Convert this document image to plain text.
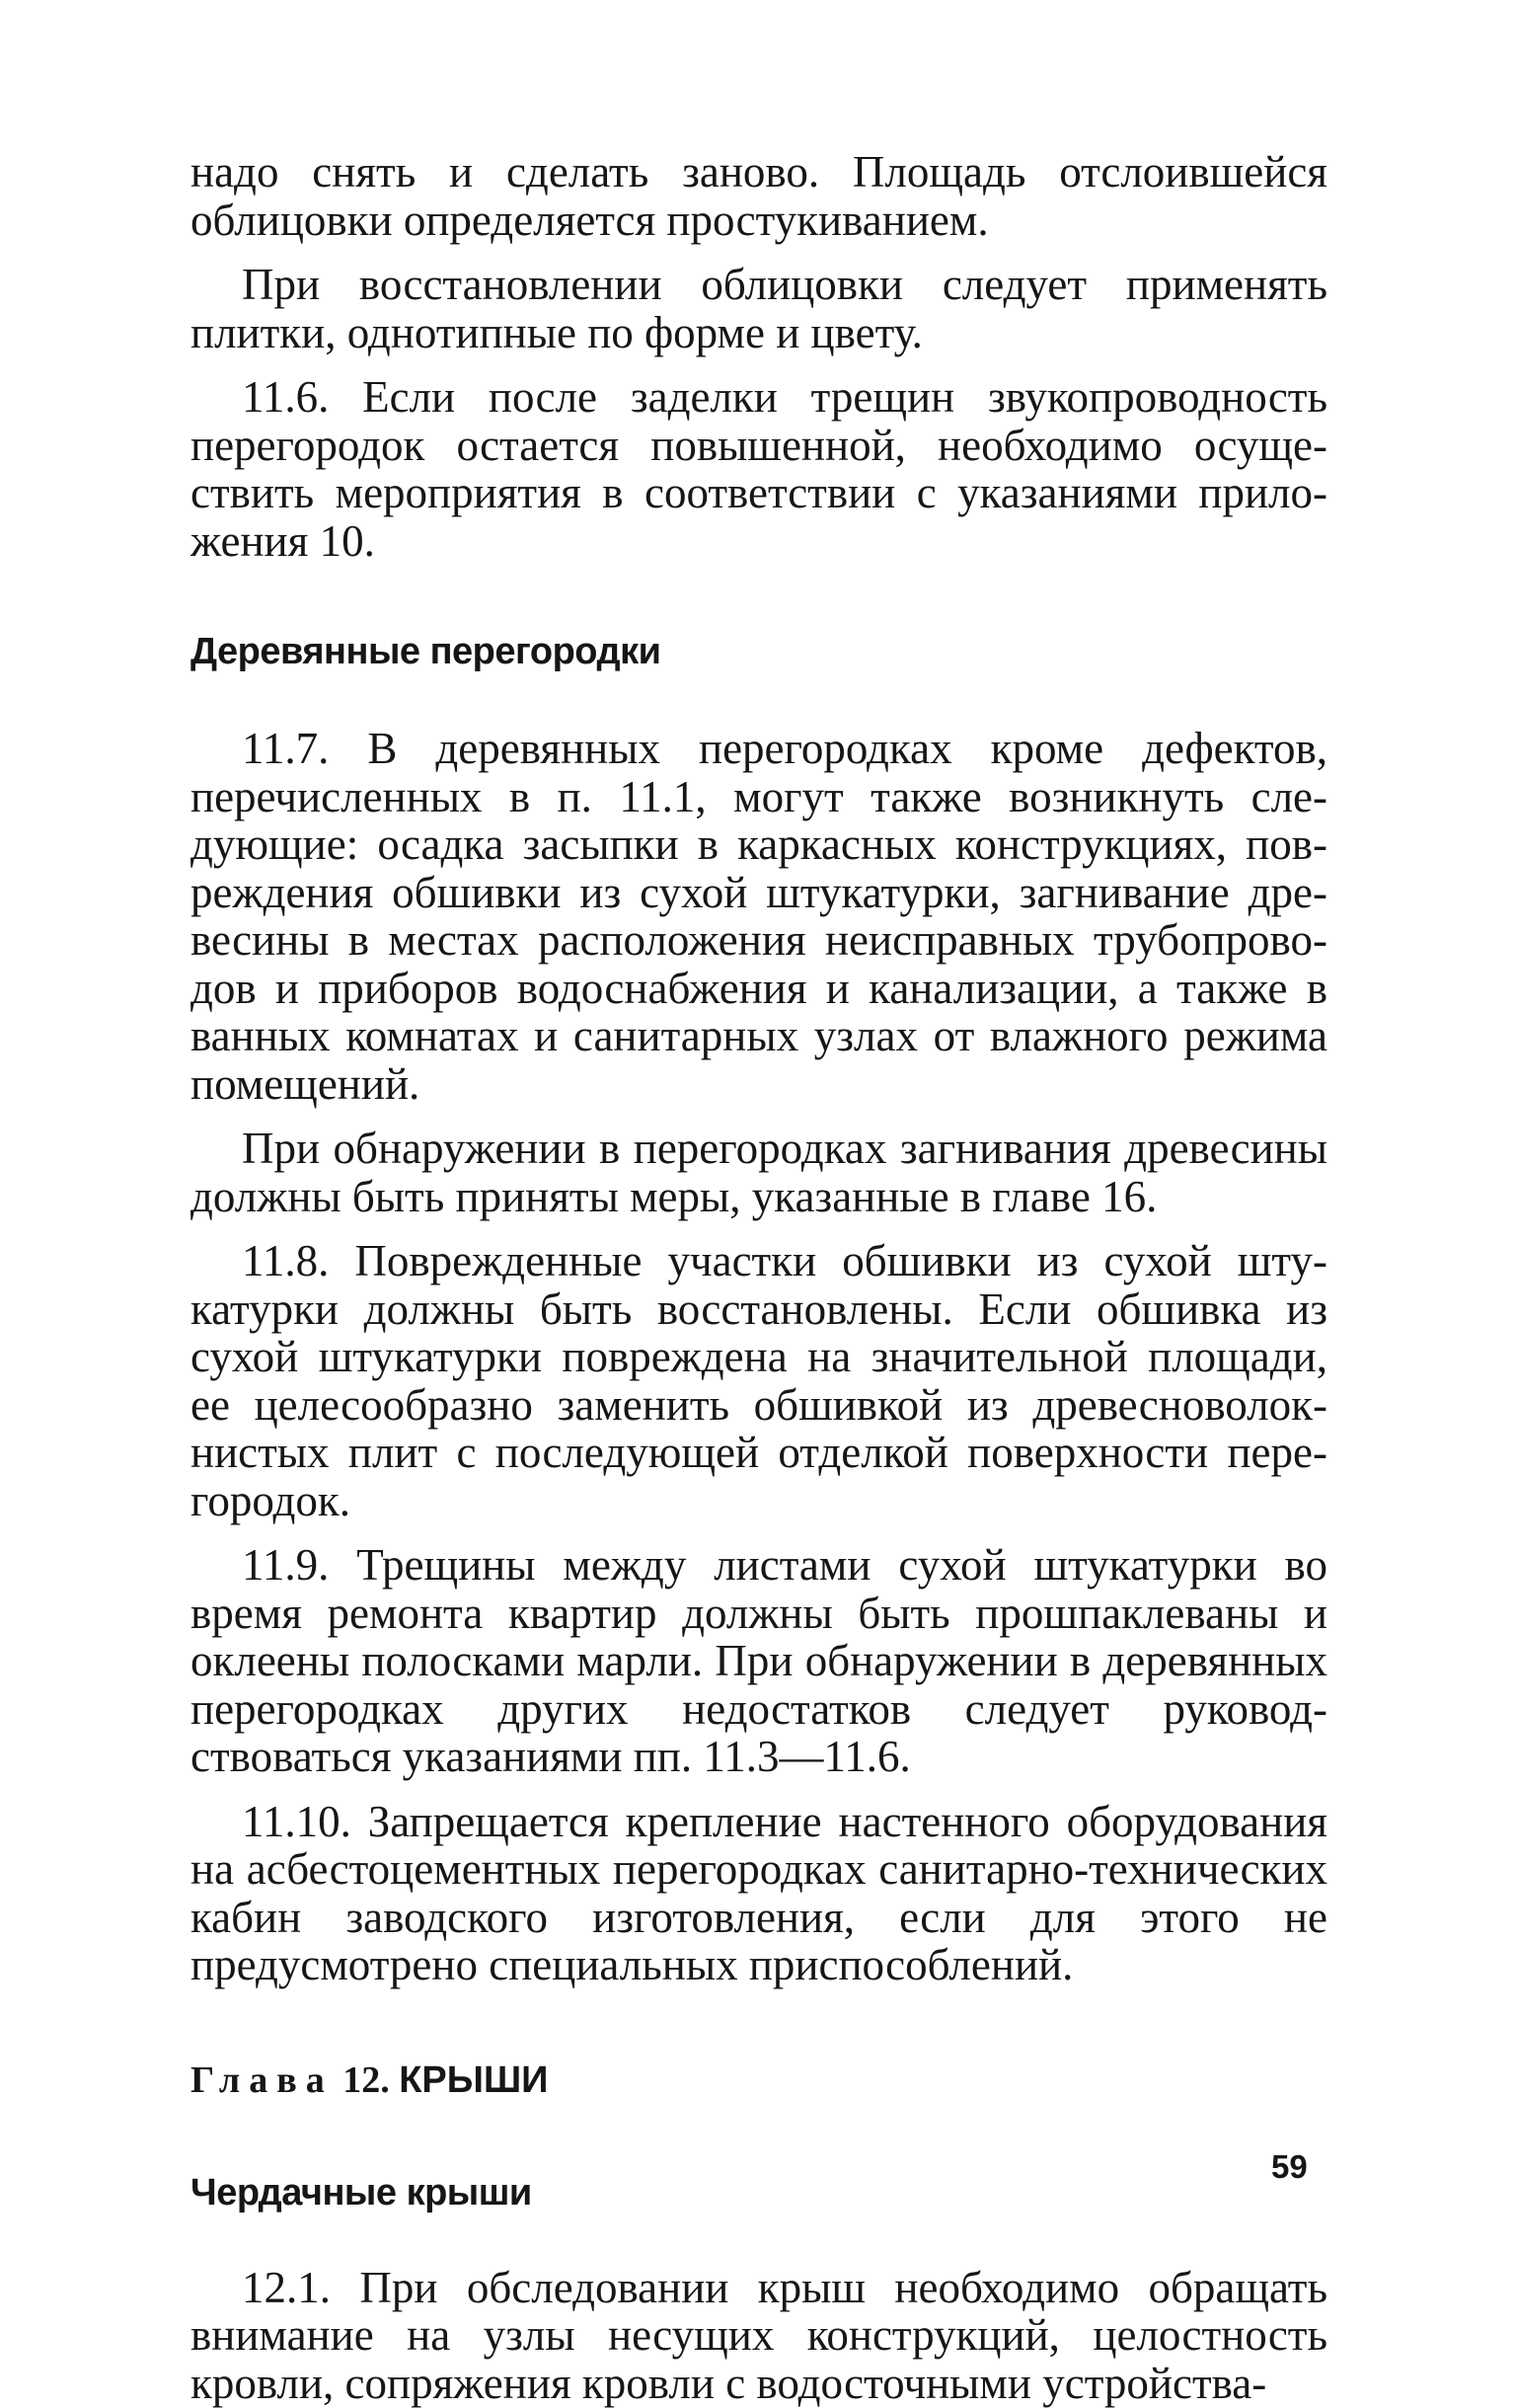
надо снять и сделать заново. Площадь отслоившейся облицовки определяется простукиванием.

При восстановлении облицовки следует применять плитки, однотипные по форме и цвету.

11.6. Если после заделки трещин звукопроводность перегородок остается повышенной, необходимо осуществить мероприятия в соответствии с указаниями приложения 10.

Деревянные перегородки

11.7. В деревянных перегородках кроме дефектов, перечисленных в п. 11.1, могут также возникнуть следующие: осадка засыпки в каркасных конструкциях, повреждения обшивки из сухой штукатурки, загнивание древесины в местах расположения неисправных трубопроводов и приборов водоснабжения и канализации, а также в ванных комнатах и санитарных узлах от влажного режима помещений.

При обнаружении в перегородках загнивания древесины должны быть приняты меры, указанные в главе 16.

11.8. Поврежденные участки обшивки из сухой штукатурки должны быть восстановлены. Если обшивка из сухой штукатурки повреждена на значительной площади, ее целесообразно заменить обшивкой из древесноволокнистых плит с последующей отделкой поверхности перегородок.

11.9. Трещины между листами сухой штукатурки во время ремонта квартир должны быть прошпаклеваны и оклеены полосками марли. При обнаружении в деревянных перегородках других недостатков следует руководствоваться указаниями пп. 11.3—11.6.

11.10. Запрещается крепление настенного оборудования на асбестоцементных перегородках санитарно-технических кабин заводского изготовления, если для этого не предусмотрено специальных приспособлений.

Глава 12. КРЫШИ
Чердачные крыши

12.1. При обследовании крыш необходимо обращать внимание на узлы несущих конструкций, целостность кровли, сопряжения кровли с водосточными устройства-

59
